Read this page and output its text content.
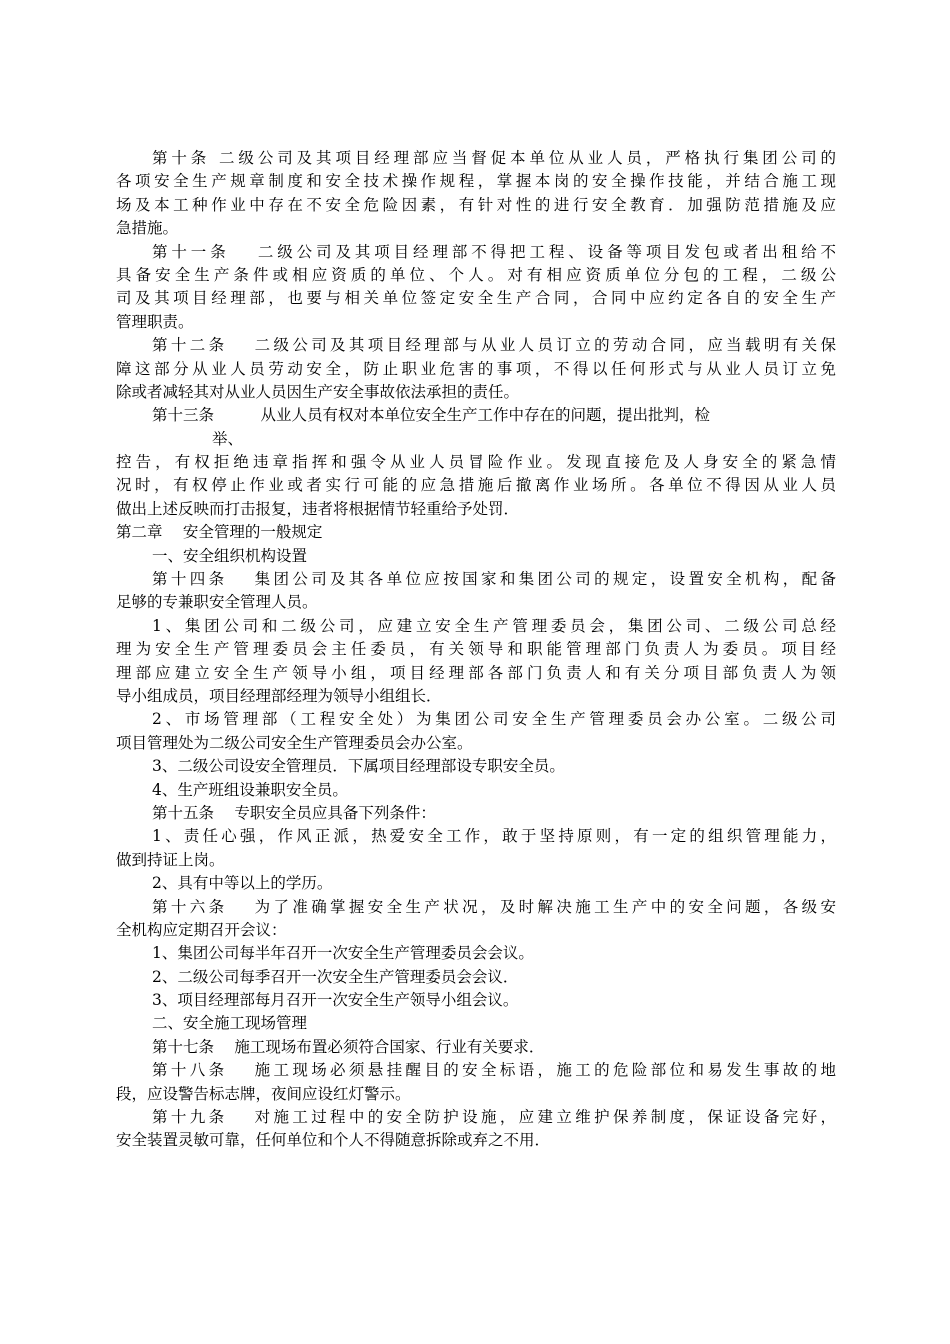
第十条 二级公司及其项目经理部应当督促本单位从业人员，严格执行集团公司的
各项安全生产规章制度和安全技术操作规程，掌握本岗的安全操作技能，并结合施工现
场及本工种作业中存在不安全危险因素，有针对性的进行安全教育．加强防范措施及应
急措施。
第十一条　 二级公司及其项目经理部不得把工程、设备等项目发包或者出租给不
具备安全生产条件或相应资质的单位、个人。对有相应资质单位分包的工程，二级公
司及其项目经理部，也要与相关单位签定安全生产合同，合同中应约定各自的安全生产
管理职责。
第十二条　 二级公司及其项目经理部与从业人员订立的劳动合同，应当载明有关保
障这部分从业人员劳动安全，防止职业危害的事项，不得以任何形式与从业人员订立免
除或者减轻其对从业人员因生产安全事故依法承担的责任。
第十三条　　　从业人员有权对本单位安全生产工作中存在的问题，提出批判，检
举、
控告，有权拒绝违章指挥和强令从业人员冒险作业。发现直接危及人身安全的紧急情
况时，有权停止作业或者实行可能的应急措施后撤离作业场所。各单位不得因从业人员
做出上述反映而打击报复，违者将根据情节轻重给予处罚．
第二章　 安全管理的一般规定
一、安全组织机构设置
第十四条　 集团公司及其各单位应按国家和集团公司的规定，设置安全机构，配备
足够的专兼职安全管理人员。
1、集团公司和二级公司，应建立安全生产管理委员会，集团公司、二级公司总经
理为安全生产管理委员会主任委员，有关领导和职能管理部门负责人为委员。项目经
理部应建立安全生产领导小组，项目经理部各部门负责人和有关分项目部负责人为领
导小组成员，项目经理部经理为领导小组组长．
2、市场管理部（工程安全处）为集团公司安全生产管理委员会办公室。二级公司
项目管理处为二级公司安全生产管理委员会办公室。
3、二级公司设安全管理员．下属项目经理部设专职安全员。
4、生产班组设兼职安全员。
第十五条　 专职安全员应具备下列条件：
1、责任心强，作风正派，热爱安全工作，敢于坚持原则，有一定的组织管理能力，
做到持证上岗。
2、具有中等以上的学历。
第十六条　 为了准确掌握安全生产状况，及时解决施工生产中的安全问题，各级安
全机构应定期召开会议：
1、集团公司每半年召开一次安全生产管理委员会会议。
2、二级公司每季召开一次安全生产管理委员会会议．
3、项目经理部每月召开一次安全生产领导小组会议。
二、安全施工现场管理
第十七条　 施工现场布置必须符合国家、行业有关要求．
第十八条　 施工现场必须悬挂醒目的安全标语，施工的危险部位和易发生事故的地
段，应设警告标志牌，夜间应设红灯警示。
第十九条　 对施工过程中的安全防护设施，应建立维护保养制度，保证设备完好，
安全装置灵敏可靠，任何单位和个人不得随意拆除或弃之不用．
